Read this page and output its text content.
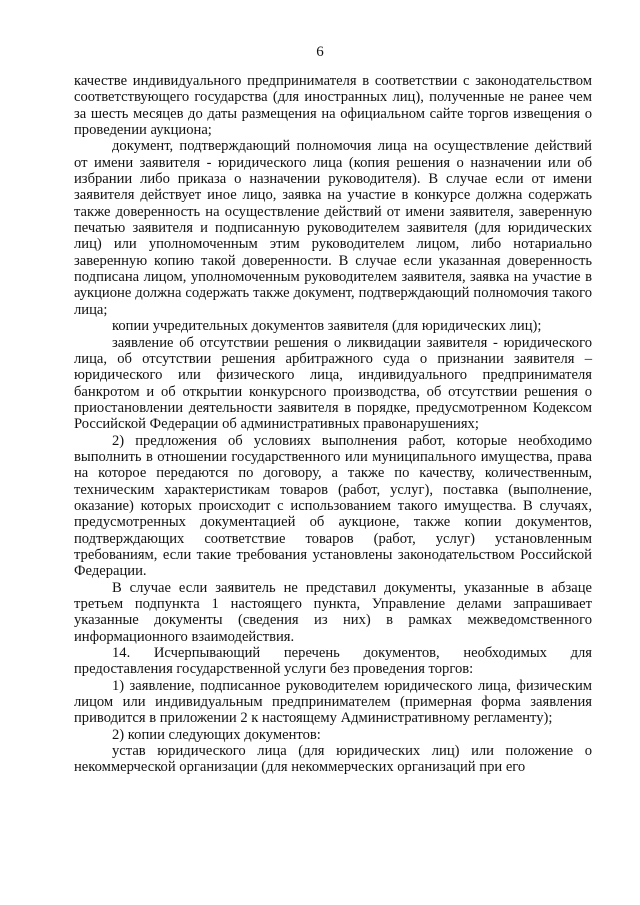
6

качестве индивидуального предпринимателя в соответствии с законодательством соответствующего государства (для иностранных лиц), полученные не ранее чем за шесть месяцев до даты размещения на официальном сайте торгов извещения о проведении аукциона;

документ, подтверждающий полномочия лица на осуществление действий от имени заявителя - юридического лица (копия решения о назначении или об избрании либо приказа о назначении руководителя). В случае если от имени заявителя действует иное лицо, заявка на участие в конкурсе должна содержать также доверенность на осуществление действий от имени заявителя, заверенную печатью заявителя и подписанную руководителем заявителя (для юридических лиц) или уполномоченным этим руководителем лицом, либо нотариально заверенную копию такой доверенности. В случае если указанная доверенность подписана лицом, уполномоченным руководителем заявителя, заявка на участие в аукционе должна содержать также документ, подтверждающий полномочия такого лица;

копии учредительных документов заявителя (для юридических лиц);

заявление об отсутствии решения о ликвидации заявителя - юридического лица, об отсутствии решения арбитражного суда о признании заявителя – юридического или физического лица, индивидуального предпринимателя банкротом и об открытии конкурсного производства, об отсутствии решения о приостановлении деятельности заявителя в порядке, предусмотренном Кодексом Российской Федерации об административных правонарушениях;

2) предложения об условиях выполнения работ, которые необходимо выполнить в отношении государственного или муниципального имущества, права на которое передаются по договору, а также по качеству, количественным, техническим характеристикам товаров (работ, услуг), поставка (выполнение, оказание) которых происходит с использованием такого имущества. В случаях, предусмотренных документацией об аукционе, также копии документов, подтверждающих соответствие товаров (работ, услуг) установленным требованиям, если такие требования установлены законодательством Российской Федерации.

В случае если заявитель не представил документы, указанные в абзаце третьем подпункта 1 настоящего пункта, Управление делами запрашивает указанные документы (сведения из них) в рамках межведомственного информационного взаимодействия.

14. Исчерпывающий перечень документов, необходимых для предоставления государственной услуги без проведения торгов:

1) заявление, подписанное руководителем юридического лица, физическим лицом или индивидуальным предпринимателем (примерная форма заявления приводится в приложении 2 к настоящему Административному регламенту);

2) копии следующих документов:

устав юридического лица (для юридических лиц) или положение о некоммерческой организации (для некоммерческих организаций при его
